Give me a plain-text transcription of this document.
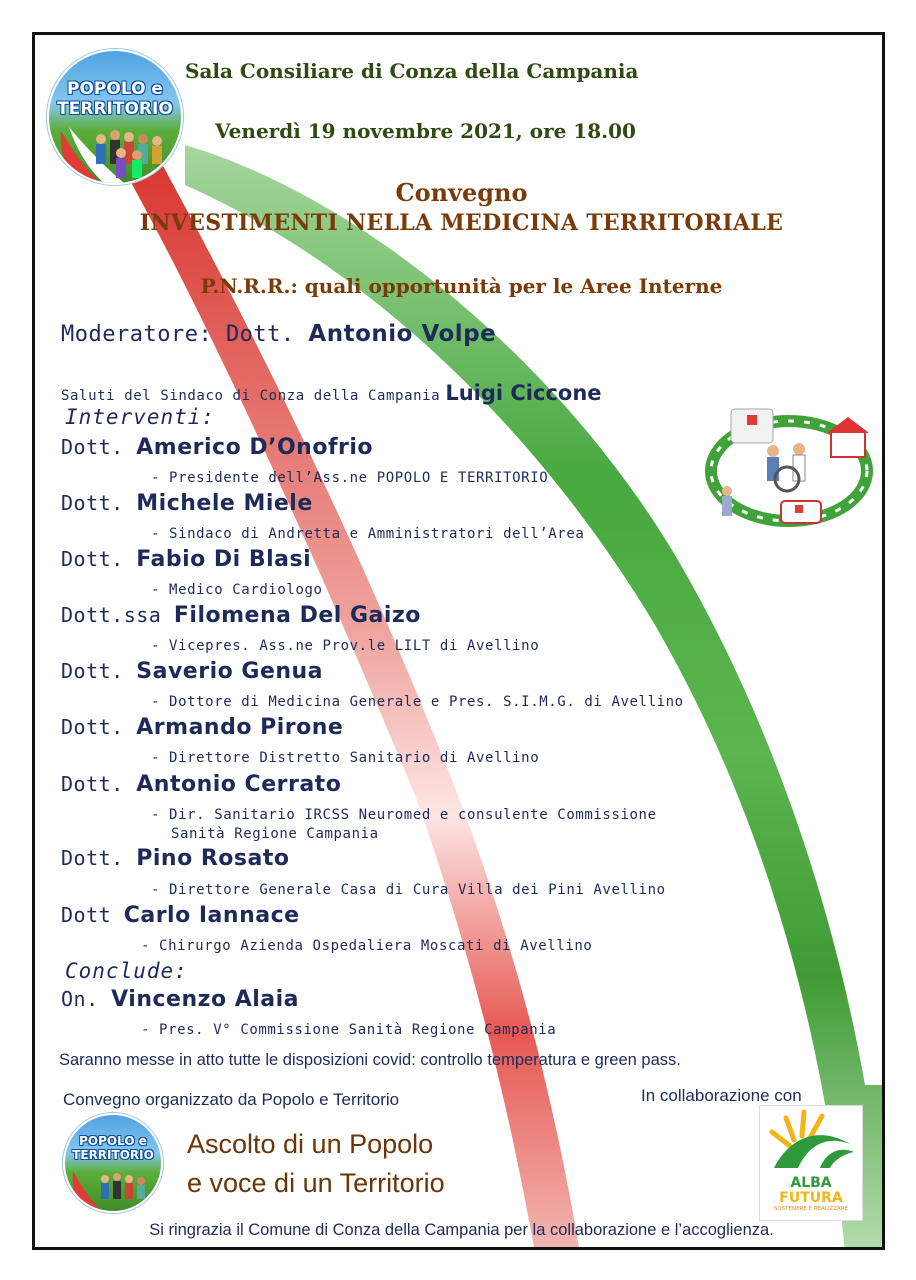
POPOLO e
TERRITORIO
Sala Consiliare di Conza della Campania
Venerdì 19 novembre 2021, ore 18.00
Convegno
INVESTIMENTI NELLA MEDICINA TERRITORIALE
P.N.R.R.: quali opportunità per le Aree Interne
Moderatore: Dott. Antonio Volpe
Saluti del Sindaco di Conza della Campania Luigi Ciccone
Interventi:
Dott. Americo D’Onofrio
- Presidente dell’Ass.ne POPOLO E TERRITORIO
Dott. Michele Miele
- Sindaco di Andretta e Amministratori dell’Area
Dott. Fabio Di Blasi
- Medico Cardiologo
Dott.ssa Filomena Del Gaizo
- Vicepres. Ass.ne Prov.le LILT di Avellino
Dott. Saverio Genua
- Dottore di Medicina Generale e Pres. S.I.M.G. di Avellino
Dott. Armando Pirone
- Direttore Distretto Sanitario di Avellino
Dott. Antonio Cerrato
- Dir. Sanitario IRCSS Neuromed e consulente Commissione
Sanità Regione Campania
Dott. Pino Rosato
- Direttore Generale Casa di Cura Villa dei Pini Avellino
Dott Carlo Iannace
- Chirurgo Azienda Ospedaliera Moscati di Avellino
Conclude:
On. Vincenzo Alaia
- Pres. V° Commissione Sanità Regione Campania
Saranno messe in atto tutte le disposizioni covid: controllo temperatura e green pass.
Convegno organizzato da Popolo e Territorio	In collaborazione con
POPOLO e
TERRITORIO Ascolto di un Popolo
e voce di un Territorio	ALBA
FUTURA
SOSTENERE E REALIZZARE
Si ringrazia il Comune di Conza della Campania per la collaborazione e l’accoglienza.
